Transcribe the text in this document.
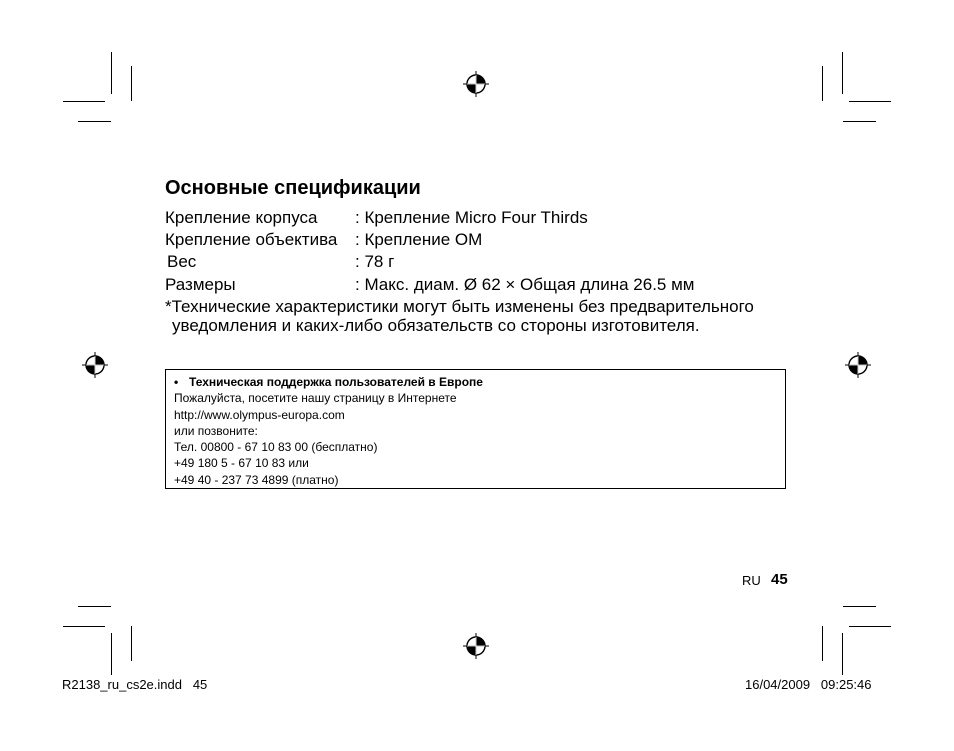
Основные спецификации
Крепление корпуса : Крепление Micro Four Thirds
Крепление объектива : Крепление OM
Вес	: 78 г
Размеры	: Макс. диам. Ø 62 × Общая длина 26.5 мм
*Технические характеристики могут быть изменены без предварительного
уведомления и каких-либо обязательств со стороны изготовителя.
• Техническая поддержка пользователей в Европе
Пожалуйста, посетите нашу страницу в Интернете
http://www.olympus-europa.com
или позвоните:
Тел. 00800 - 67 10 83 00 (бесплатно)
+49 180 5 - 67 10 83 или
+49 40 - 237 73 4899 (платно)
RU 45
R2138_ru_cs2e.indd   45	16/04/2009   09:25:46
